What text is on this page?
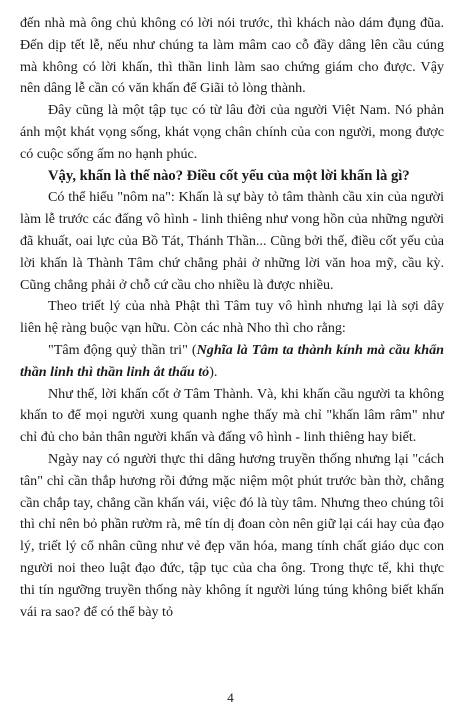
đến nhà mà ông chủ không có lời nói trước, thì khách nào dám đụng đũa. Đến dịp tết lễ, nếu như chúng ta làm mâm cao cỗ đầy dâng lên cầu cúng mà không có lời khấn, thì thần linh làm sao chứng giám cho được. Vậy nên dâng lễ cần có văn khấn để Giãi tỏ lòng thành.

Đây cũng là một tập tục có từ lâu đời của người Việt Nam. Nó phản ánh một khát vọng sống, khát vọng chân chính của con người, mong được có cuộc sống ấm no hạnh phúc.

Vậy, khấn là thế nào? Điều cốt yếu của một lời khấn là gì?

Có thể hiểu "nôm na": Khấn là sự bày tỏ tâm thành cầu xin của người làm lễ trước các đấng vô hình - linh thiêng như vong hồn của những người đã khuất, oai lực của Bồ Tát, Thánh Thần... Cũng bởi thế, điều cốt yếu của lời khấn là Thành Tâm chứ chẳng phải ở những lời văn hoa mỹ, cầu kỳ. Cũng chẳng phải ở chỗ cứ cầu cho nhiều là được nhiều.

Theo triết lý của nhà Phật thì Tâm tuy vô hình nhưng lại là sợi dây liên hệ ràng buộc vạn hữu. Còn các nhà Nho thì cho rằng:

"Tâm động quỷ thần tri" (Nghĩa là Tâm ta thành kính mà cầu khẩn thần linh thì thần linh ắt thấu tỏ).

Như thế, lời khấn cốt ở Tâm Thành. Và, khi khấn cầu người ta không khấn to để mọi người xung quanh nghe thấy mà chỉ "khấn lâm râm" như chỉ đủ cho bản thân người khấn và đấng vô hình - linh thiêng hay biết.

Ngày nay có người thực thi dâng hương truyền thống nhưng lại "cách tân" chỉ cần thắp hương rồi đứng mặc niệm một phút trước bàn thờ, chẳng cần chắp tay, chẳng cần khấn vái, việc đó là tùy tâm. Nhưng theo chúng tôi thì chỉ nên bỏ phần rườm rà, mê tín dị đoan còn nên giữ lại cái hay của đạo lý, triết lý cổ nhân cũng như vẻ đẹp văn hóa, mang tính chất giáo dục con người noi theo luật đạo đức, tập tục của cha ông. Trong thực tế, khi thực thi tín ngưỡng truyền thống này không ít người lúng túng không biết khấn vái ra sao? để có thể bày tỏ

4
